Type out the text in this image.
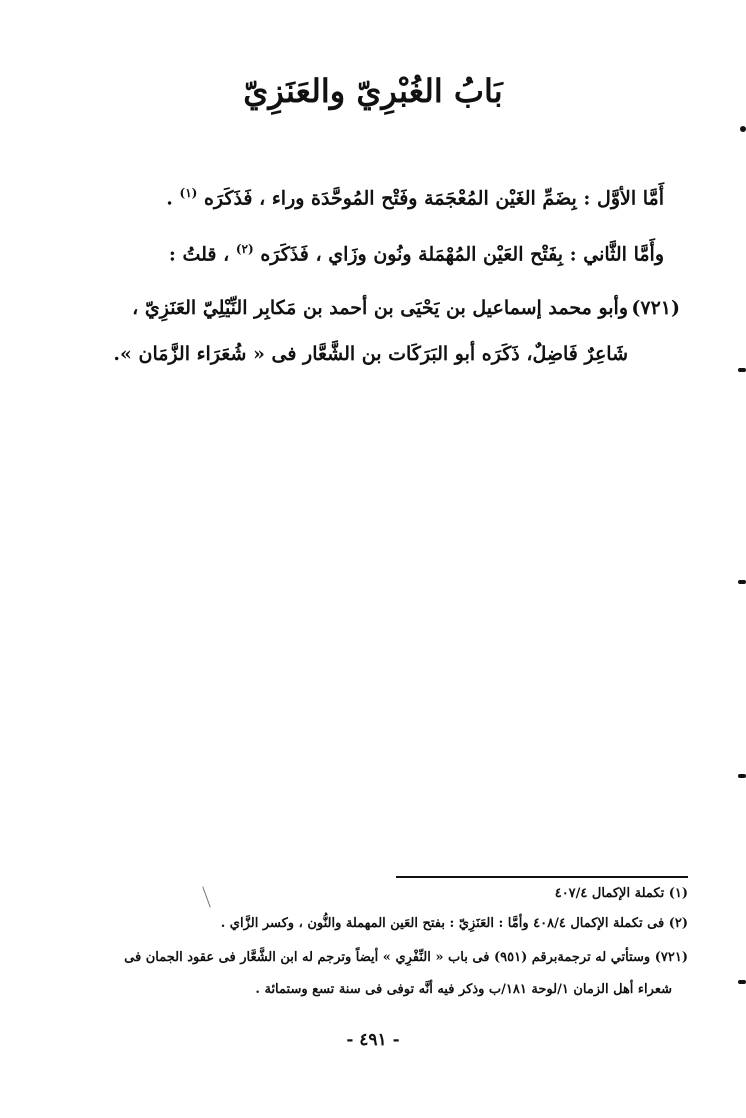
بَابُ الغُبْرِيّ والعَنَزِيّ
أَمَّا الأوَّل : بِضَمِّ الغَيْن المُعْجَمَة وفَتْح المُوحَّدَة وراء ، فَذَكَرَه $^{(١)}$ .
وأَمَّا الثَّاني : بِفَتْح العَيْن المُهْمَلة ونُون وزَاي ، فَذَكَرَه $^{(٢)}$ ، قلتُ :
(٧٢١)
وأبو محمد إسماعيل بن يَحْيَى بن أحمد بن مَكابِر النِّيْلِيّ العَنَزِيّ ،
شَاعِرٌ فَاضِلٌ، ذَكَرَه أبو البَرَكَات بن الشَّعَّار فى « شُعَرَاء الزَّمَان ».
(١) تكملة الإكمال ٤٠٧/٤
(٢) فى تكملة الإكمال ٤٠٨/٤ وأمَّا : العَنَزِيّ : بفتح العَين المهملة والنُّون ، وكسر الزَّاي .
(٧٢١) وستأتي له ترجمةبرقم (٩٥١) فى باب « النِّفْرِي » أيضاً وترجم له ابن الشَّعَّار فى عقود الجمان فى
شعراء أهل الزمان ١/لوحة ١٨١/ب وذكر فيه أنَّه توفى فى سنة تسع وستمائة .
- ٤٩١ -
